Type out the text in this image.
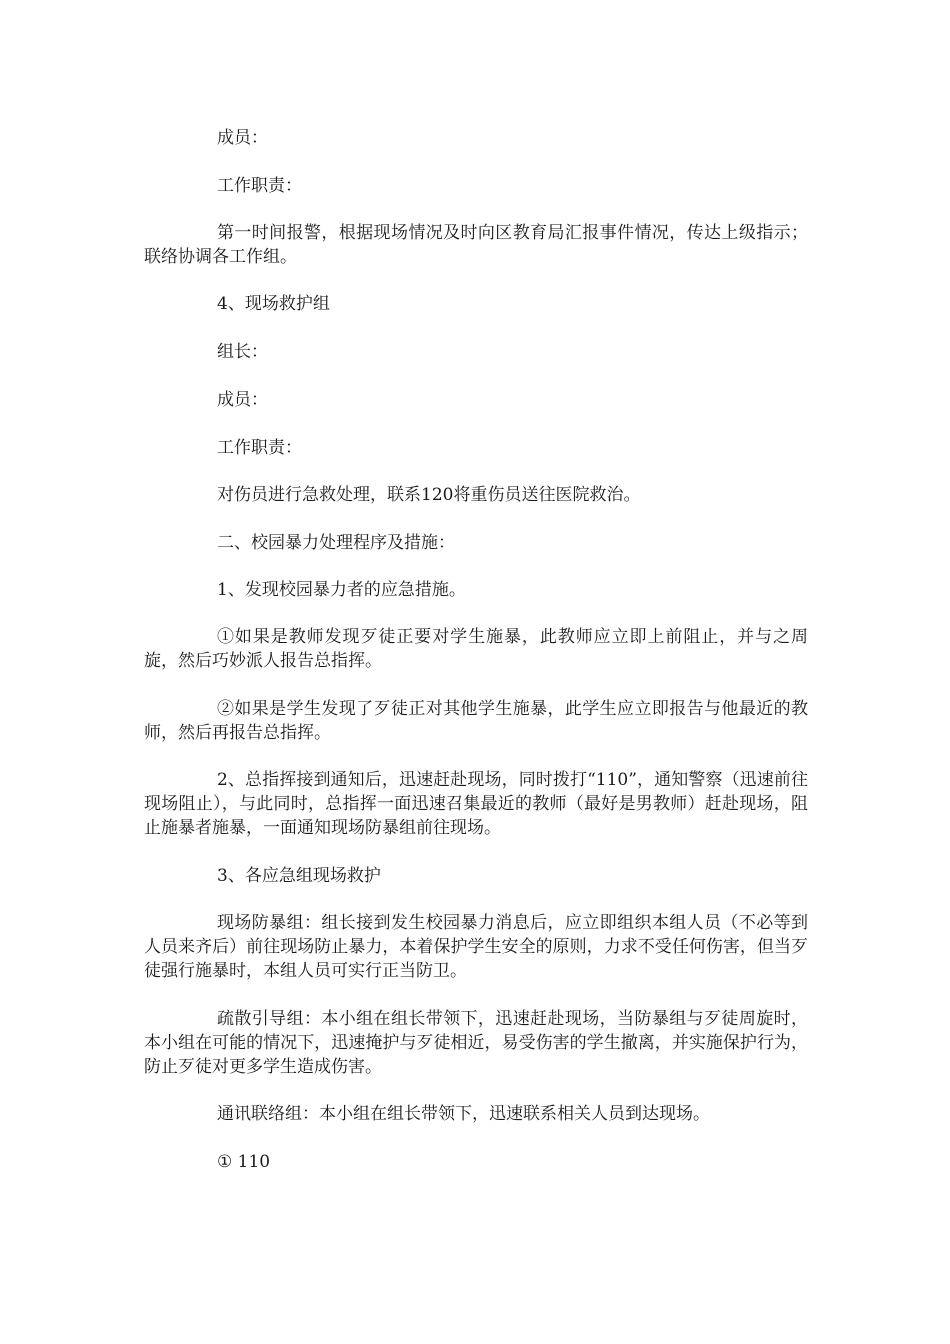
成员：

工作职责：

第一时间报警，根据现场情况及时向区教育局汇报事件情况，传达上级指示；联络协调各工作组。

4、现场救护组

组长：

成员：

工作职责：

对伤员进行急救处理，联系120将重伤员送往医院救治。

二、校园暴力处理程序及措施：

1、发现校园暴力者的应急措施。

①如果是教师发现歹徒正要对学生施暴，此教师应立即上前阻止，并与之周旋，然后巧妙派人报告总指挥。

②如果是学生发现了歹徒正对其他学生施暴，此学生应立即报告与他最近的教师，然后再报告总指挥。

2、总指挥接到通知后，迅速赶赴现场，同时拨打“110”，通知警察（迅速前往现场阻止），与此同时，总指挥一面迅速召集最近的教师（最好是男教师）赶赴现场，阻止施暴者施暴，一面通知现场防暴组前往现场。

3、各应急组现场救护

现场防暴组：组长接到发生校园暴力消息后，应立即组织本组人员（不必等到人员来齐后）前往现场防止暴力，本着保护学生安全的原则，力求不受任何伤害，但当歹徒强行施暴时，本组人员可实行正当防卫。

疏散引导组：本小组在组长带领下，迅速赶赴现场，当防暴组与歹徒周旋时，本小组在可能的情况下，迅速掩护与歹徒相近，易受伤害的学生撤离，并实施保护行为，防止歹徒对更多学生造成伤害。

通讯联络组：本小组在组长带领下，迅速联系相关人员到达现场。

① 110
